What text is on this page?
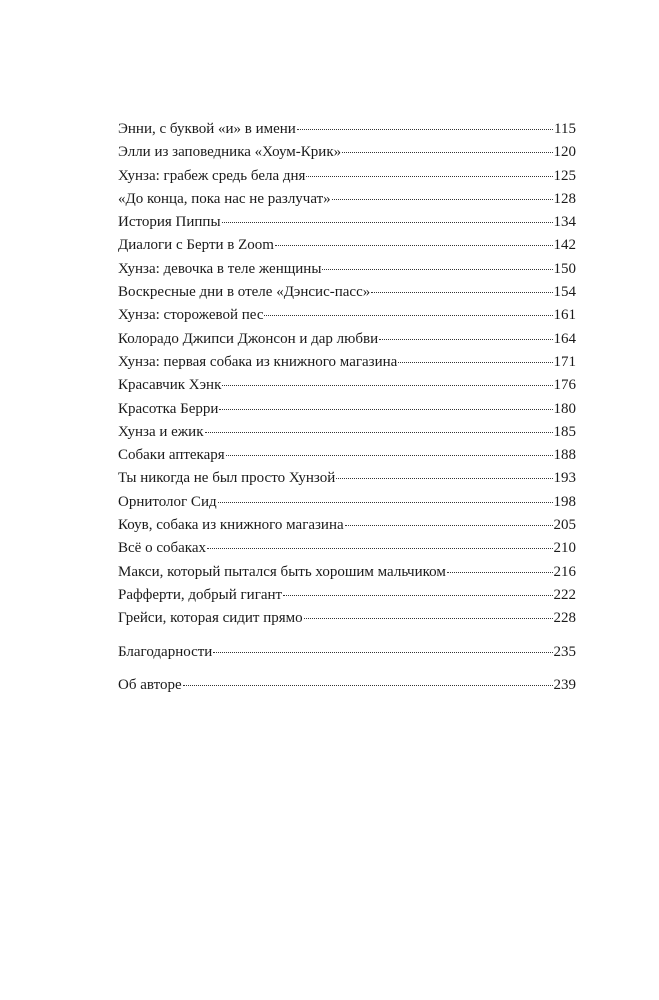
Энни, с буквой «и» в имени	115
Элли из заповедника «Хоум-Крик»	120
Хунза: грабеж средь бела дня	125
«До конца, пока нас не разлучат»	128
История Пиппы	134
Диалоги с Берти в Zoom	142
Хунза: девочка в теле женщины	150
Воскресные дни в отеле «Дэнсис-пасс»	154
Хунза: сторожевой пес	161
Колорадо Джипси Джонсон и дар любви	164
Хунза: первая собака из книжного магазина	171
Красавчик Хэнк	176
Красотка Берри	180
Хунза и ежик	185
Собаки аптекаря	188
Ты никогда не был просто Хунзой	193
Орнитолог Сид	198
Коув, собака из книжного магазина	205
Всё о собаках	210
Макси, который пытался быть хорошим мальчиком	216
Рафферти, добрый гигант	222
Грейси, которая сидит прямо	228
Благодарности	235
Об авторе	239
